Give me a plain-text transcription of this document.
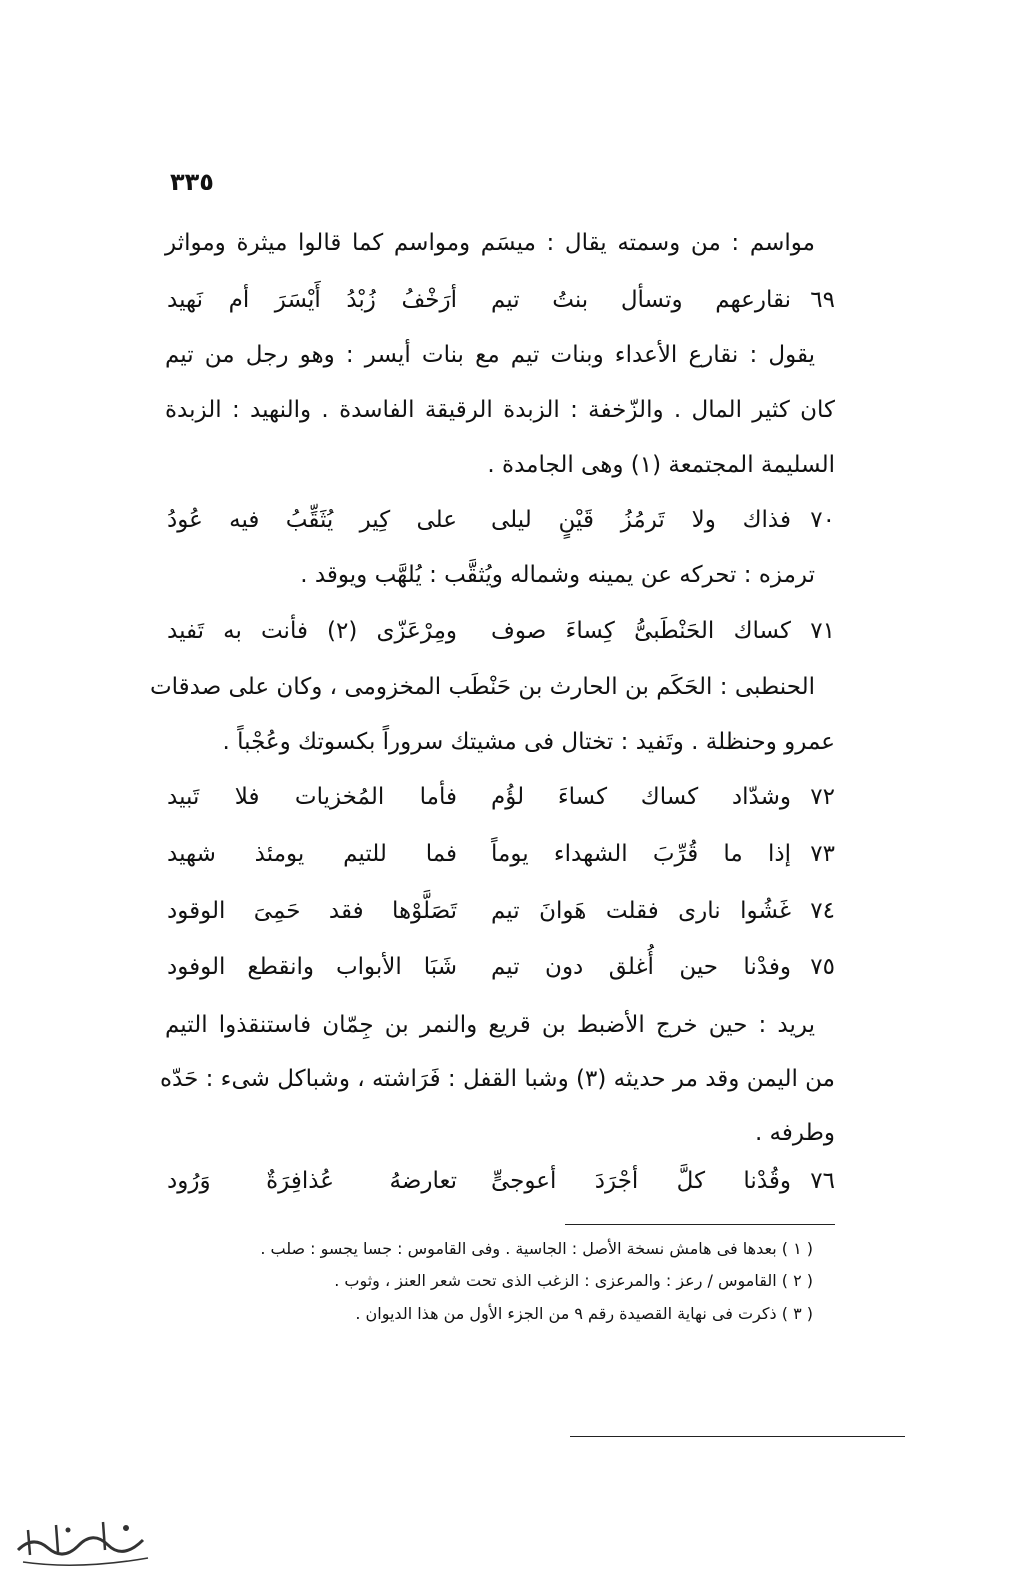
٣٣٥
مواسم : من وسمته يقال : ميسَم ومواسم كما قالوا ميثرة ومواثر
٦٩نقارعهم وتسأل بنتُ تيمأرَخْفُ زُبْدُ أَيْسَرَ أم نَهيد
يقول : نقارع الأعداء وبنات تيم مع بنات أيسر : وهو رجل من تيم
كان كثير المال . والزّخفة : الزبدة الرقيقة الفاسدة . والنهيد : الزبدة
السليمة المجتمعة (١) وهى الجامدة .
٧٠فذاك ولا تَرمُزُ قَيْنٍ ليلىعلى كِير يُثَقِّبُ فيه عُودُ
ترمزه : تحركه عن يمينه وشماله ويُثقَّب : يُلهَّب ويوقد .
٧١كساك الحَنْطَبىُّ كِساءَ صوفومِرْعَزّى (٢) فأنت به تَفيد
الحنطبى : الحَكَم بن الحارث بن حَنْطَب المخزومى ، وكان على صدقات
عمرو وحنظلة . وتَفيد : تختال فى مشيتك سروراً بكسوتك وعُجْباً .
٧٢وشدّاد كساك كساءَ لؤُمفأما المُخزيات فلا تَبيد
٧٣إذا ما قُرِّبَ الشهداء يوماًفما للتيم يومئذ شهيد
٧٤غَشُوا نارى فقلت هَوانَ تيمتَصَلَّوْها فقد حَمِىَ الوقود
٧٥وفدْنا حين أُغلق دون تيمشَبَا الأبواب وانقطع الوفود
يريد : حين خرج الأضبط بن قريع والنمر بن جِمّان فاستنقذوا التيم
من اليمن وقد مر حديثه (٣) وشبا القفل : فَرَاشته ، وشباكل شىء : حَدّه
وطرفه .
٧٦وقُدْنا كلَّ أجْرَدَ أعوجىٍّتعارضهُ عُذافِرَةٌ وَرُود
( ١ ) بعدها فى هامش نسخة الأصل : الجاسية . وفى القاموس : جسا يجسو : صلب .
( ٢ ) القاموس / رعز : والمرعزى : الزغب الذى تحت شعر العنز ، وثوب .
( ٣ ) ذكرت فى نهاية القصيدة رقم ٩ من الجزء الأول من هذا الديوان .
